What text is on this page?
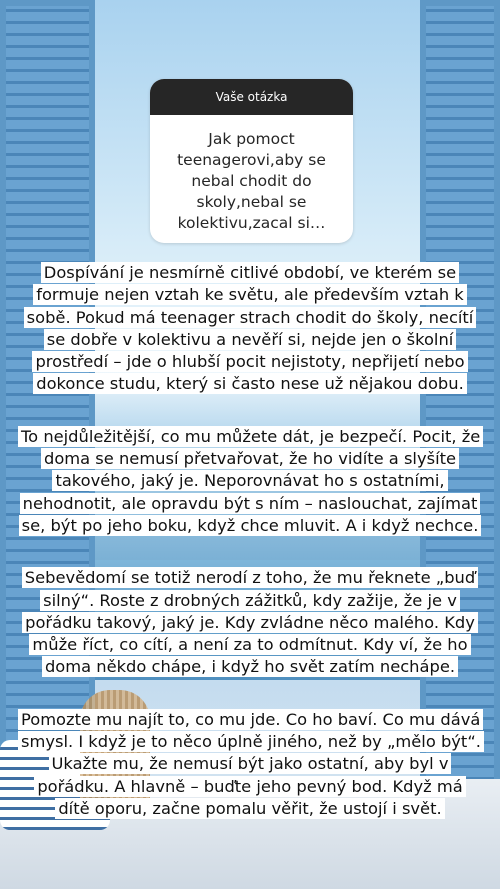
Vaše otázka
Jak pomoct teenagerovi,aby se nebal chodit do skoly,nebal se kolektivu,zacal si…

Dospívání je nesmírně citlivé období, ve kterém se formuje nejen vztah ke světu, ale především vztah k sobě. Pokud má teenager strach chodit do školy, necítí se dobře v kolektivu a nevěří si, nejde jen o školní prostředí – jde o hlubší pocit nejistoty, nepřijetí nebo dokonce studu, který si často nese už nějakou dobu.

To nejdůležitější, co mu můžete dát, je bezpečí. Pocit, že doma se nemusí přetvařovat, že ho vidíte a slyšíte takového, jaký je. Neporovnávat ho s ostatními, nehodnotit, ale opravdu být s ním – naslouchat, zajímat se, být po jeho boku, když chce mluvit. A i když nechce.

Sebevědomí se totiž nerodí z toho, že mu řeknete „buď silný“. Roste z drobných zážitků, kdy zažije, že je v pořádku takový, jaký je. Kdy zvládne něco malého. Kdy může říct, co cítí, a není za to odmítnut. Kdy ví, že ho doma někdo chápe, i když ho svět zatím nechápe.

Pomozte mu najít to, co mu jde. Co ho baví. Co mu dává smysl. I když je to něco úplně jiného, než by „mělo být“. Ukažte mu, že nemusí být jako ostatní, aby byl v pořádku. A hlavně – buďte jeho pevný bod. Když má dítě oporu, začne pomalu věřit, že ustojí i svět.
